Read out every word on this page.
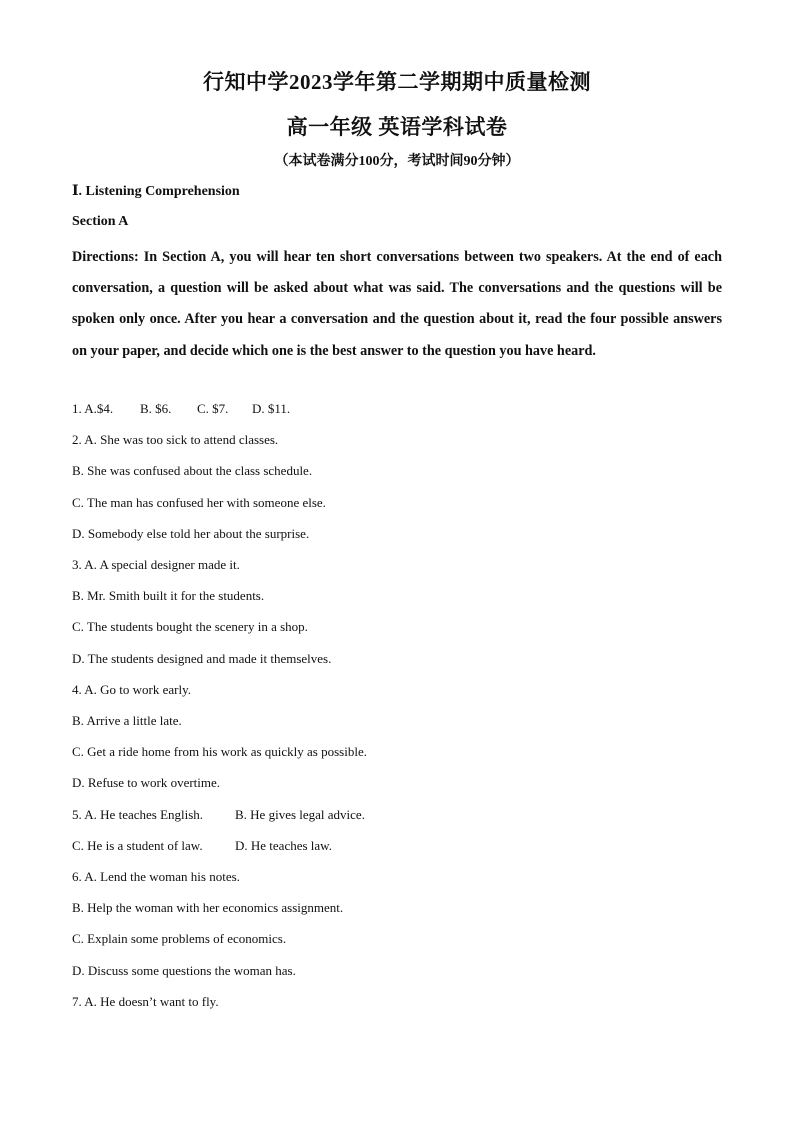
行知中学2023学年第二学期期中质量检测
高一年级 英语学科试卷
（本试卷满分100分，考试时间90分钟）
Ⅰ. Listening Comprehension
Section A

Directions: In Section A, you will hear ten short conversations between two speakers. At the end of each conversation, a question will be asked about what was said. The conversations and the questions will be spoken only once. After you hear a conversation and the question about it, read the four possible answers on your paper, and decide which one is the best answer to the question you have heard.

1. A.$4. B. $6. C. $7. D. $11.
2. A. She was too sick to attend classes.
B. She was confused about the class schedule.
C. The man has confused her with someone else.
D. Somebody else told her about the surprise.
3. A. A special designer made it.
B. Mr. Smith built it for the students.
C. The students bought the scenery in a shop.
D. The students designed and made it themselves.
4. A. Go to work early.
B. Arrive a little late.
C. Get a ride home from his work as quickly as possible.
D. Refuse to work overtime.
5. A. He teaches English. B. He gives legal advice.
C. He is a student of law. D. He teaches law.
6. A. Lend the woman his notes.
B. Help the woman with her economics assignment.
C. Explain some problems of economics.
D. Discuss some questions the woman has.
7. A. He doesn’t want to fly.
